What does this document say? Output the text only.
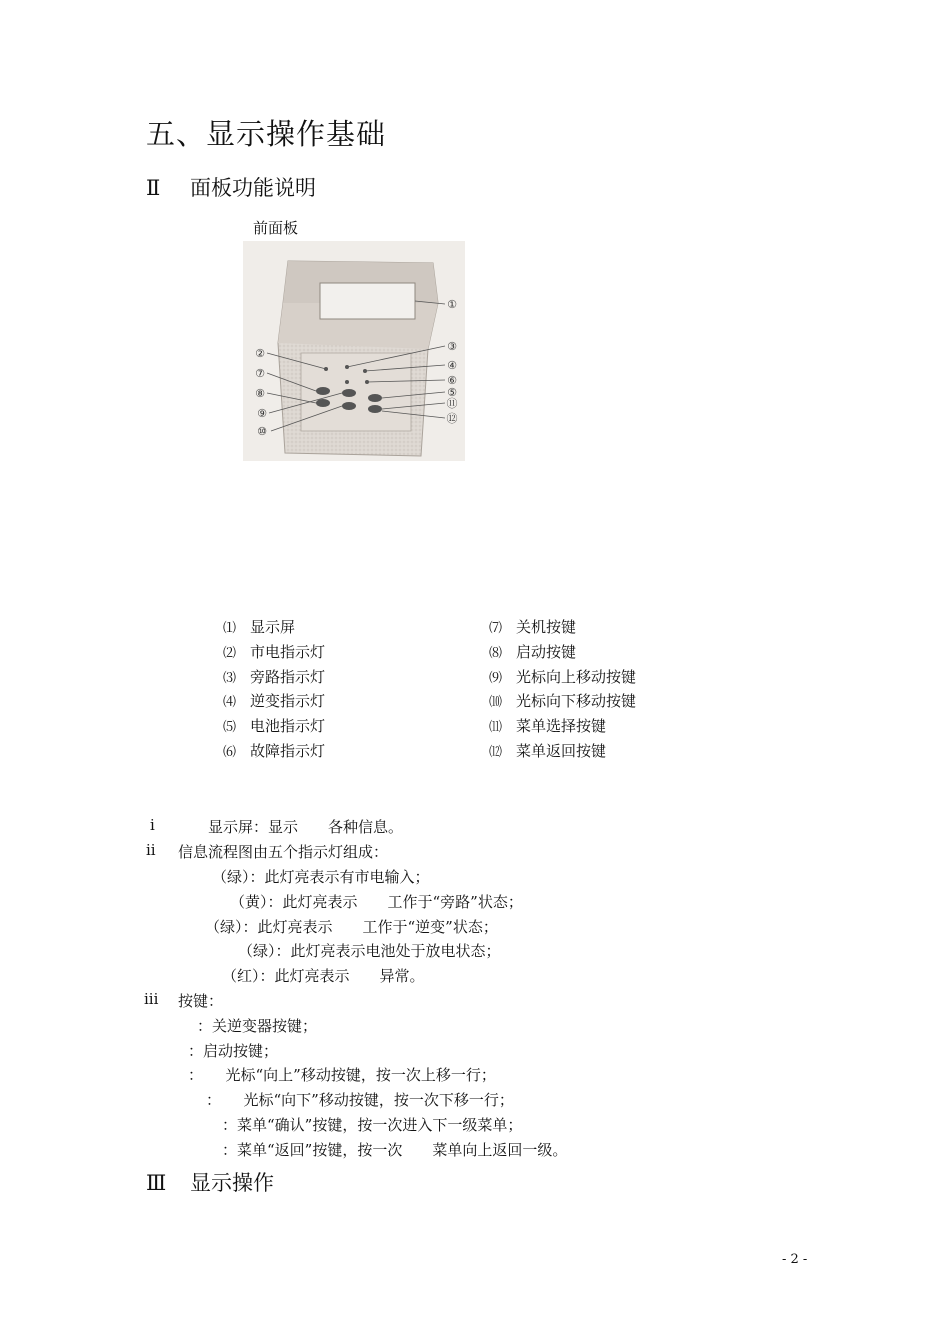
五、显示操作基础
Ⅱ 面板功能说明
前面板
①
②
③
④
⑤
⑥
⑦
⑧
⑨
⑩
⑪
⑫
⑴ 显示屏
⑵ 市电指示灯
⑶ 旁路指示灯
⑷ 逆变指示灯
⑸ 电池指示灯
⑹ 故障指示灯
⑺ 关机按键
⑻ 启动按键
⑼ 光标向上移动按键
⑽ 光标向下移动按键
⑾ 菜单选择按键
⑿ 菜单返回按键
i	显示屏：显示　　各种信息。
ii 信息流程图由五个指示灯组成：
（绿）：此灯亮表示有市电输入；
（黄）：此灯亮表示　　工作于“旁路”状态；
（绿）：此灯亮表示　　工作于“逆变”状态；
（绿）：此灯亮表示电池处于放电状态；
（红）：此灯亮表示　　异常。
iii 按键：
：关逆变器按键；
：启动按键；
：　　光标“向上”移动按键，按一次上移一行；
：　　光标“向下”移动按键，按一次下移一行；
：菜单“确认”按键，按一次进入下一级菜单；
：菜单“返回”按键，按一次　　菜单向上返回一级。
Ⅲ 显示操作
- 2 -
